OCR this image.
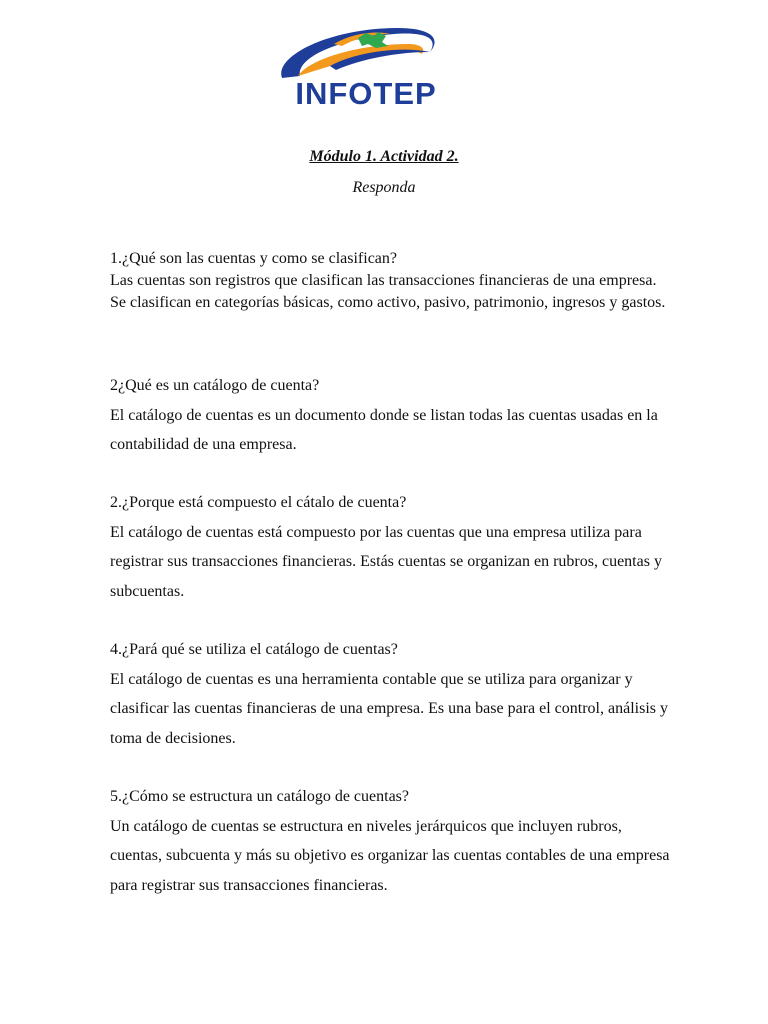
INFOTEP
Módulo 1. Actividad 2.
Responda

1.¿Qué son las cuentas y como se clasifican?

Las cuentas son registros que clasifican las transacciones financieras de una empresa. Se clasifican en categorías básicas, como activo, pasivo, patrimonio, ingresos y gastos.

2¿Qué es un catálogo de cuenta?

El catálogo de cuentas es un documento donde se listan todas las cuentas usadas en la contabilidad de una empresa.

2.¿Porque está compuesto el cátalo de cuenta?

El catálogo de cuentas está compuesto por las cuentas que una empresa utiliza para registrar sus transacciones financieras. Estás cuentas se organizan en rubros, cuentas y subcuentas.

4.¿Pará qué se utiliza el catálogo de cuentas?

El catálogo de cuentas es una herramienta contable que se utiliza para organizar y clasificar las cuentas financieras de una empresa. Es una base para el control, análisis y toma de decisiones.

5.¿Cómo se estructura un catálogo de cuentas?

Un catálogo de cuentas se estructura en niveles jerárquicos que incluyen rubros, cuentas, subcuenta y más su objetivo es organizar las cuentas contables de una empresa para registrar sus transacciones financieras.
